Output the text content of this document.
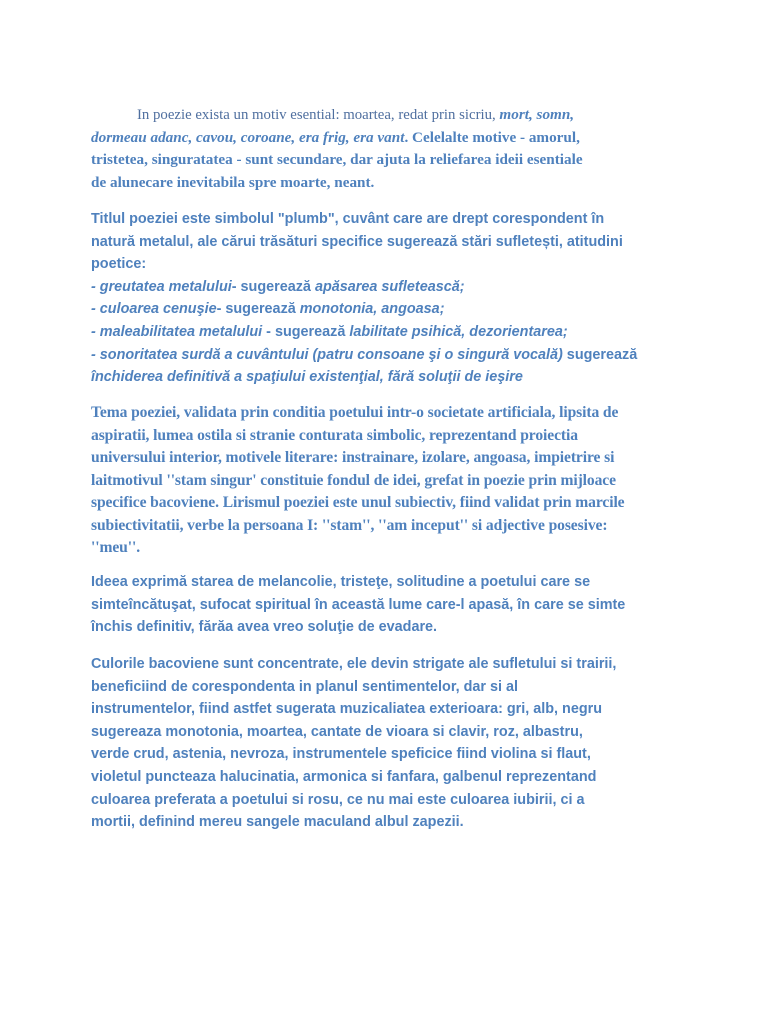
In poezie exista un motiv esential: moartea, redat prin sicriu, mort, somn,
dormeau adanc, cavou, coroane, era frig, era vant. Celelalte motive - amorul,
tristetea, singuratatea - sunt secundare, dar ajuta la reliefarea ideii esentiale
de alunecare inevitabila spre moarte, neant.

Titlul poeziei este simbolul "plumb", cuvânt care are drept corespondent în
natură metalul, ale cărui trăsături specifice sugerează stări sufletești, atitudini
poetice:
- greutatea metalului- sugerează apăsarea sufletească;
- culoarea cenuşie- sugerează monotonia, angoasa;
- maleabilitatea metalului - sugerează labilitate psihică, dezorientarea;
- sonoritatea surdă a cuvântului (patru consoane şi o singură vocală) sugerează
închiderea definitivă a spaţiului existenţial, fără soluţii de ieşire

Tema poeziei, validata prin conditia poetului intr-o societate artificiala, lipsita de
aspiratii, lumea ostila si stranie conturata simbolic, reprezentand proiectia
universului interior, motivele literare: instrainare, izolare, angoasa, impietrire si
laitmotivul ''stam singur' constituie fondul de idei, grefat in poezie prin mijloace
specifice bacoviene. Lirismul poeziei este unul subiectiv, fiind validat prin marcile
subiectivitatii, verbe la persoana I: ''stam'', ''am inceput'' si adjective posesive:
''meu''.

Ideea exprimă starea de melancolie, tristeţe, solitudine a poetului care se
simteîncătuşat, sufocat spiritual în această lume care-l apasă, în care se simte
închis definitiv, fărăa avea vreo soluţie de evadare.

Culorile bacoviene sunt concentrate, ele devin strigate ale sufletului si trairii,
beneficiind de corespondenta in planul sentimentelor, dar si al
instrumentelor, fiind astfet sugerata muzicaliatea exterioara: gri, alb, negru
sugereaza monotonia, moartea, cantate de vioara si clavir, roz, albastru,
verde crud, astenia, nevroza, instrumentele speficice fiind violina si flaut,
violetul puncteaza halucinatia, armonica si fanfara, galbenul reprezentand
culoarea preferata a poetului si rosu, ce nu mai este culoarea iubirii, ci a
mortii, definind mereu sangele maculand albul zapezii.
